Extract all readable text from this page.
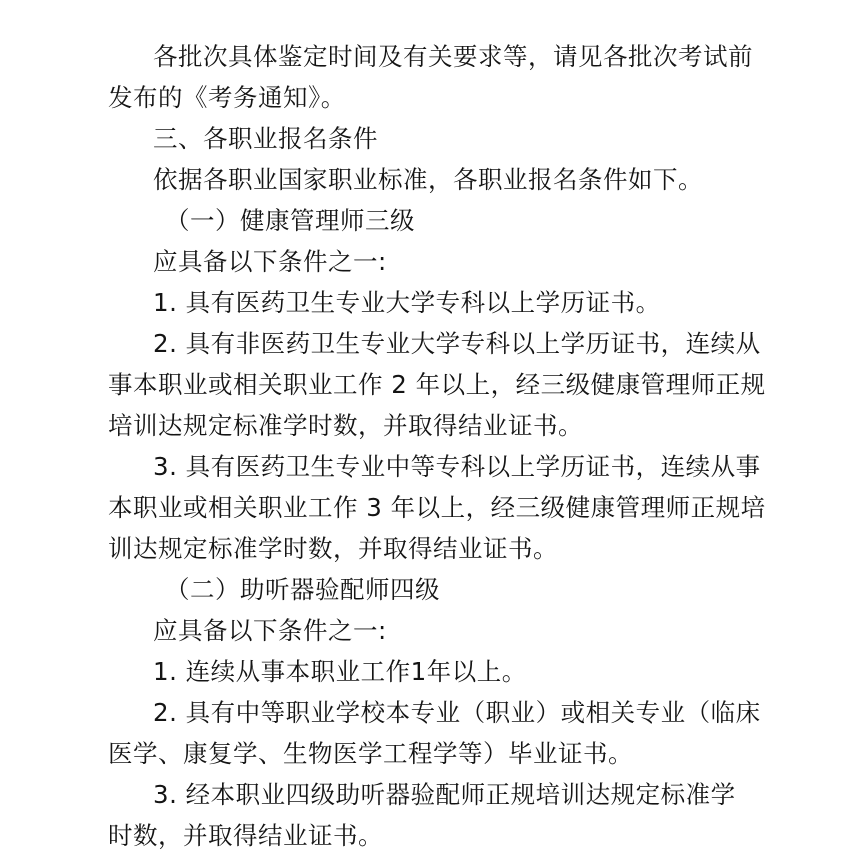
各批次具体鉴定时间及有关要求等，请见各批次考试前
发布的《考务通知》。
三、各职业报名条件
依据各职业国家职业标准，各职业报名条件如下。
（一）健康管理师三级
应具备以下条件之一:
1. 具有医药卫生专业大学专科以上学历证书。
2. 具有非医药卫生专业大学专科以上学历证书，连续从
事本职业或相关职业工作 2 年以上，经三级健康管理师正规
培训达规定标准学时数，并取得结业证书。
3. 具有医药卫生专业中等专科以上学历证书，连续从事
本职业或相关职业工作 3 年以上，经三级健康管理师正规培
训达规定标准学时数，并取得结业证书。
（二）助听器验配师四级
应具备以下条件之一:
1. 连续从事本职业工作1年以上。
2. 具有中等职业学校本专业（职业）或相关专业（临床
医学、康复学、生物医学工程学等）毕业证书。
3. 经本职业四级助听器验配师正规培训达规定标准学
时数，并取得结业证书。
